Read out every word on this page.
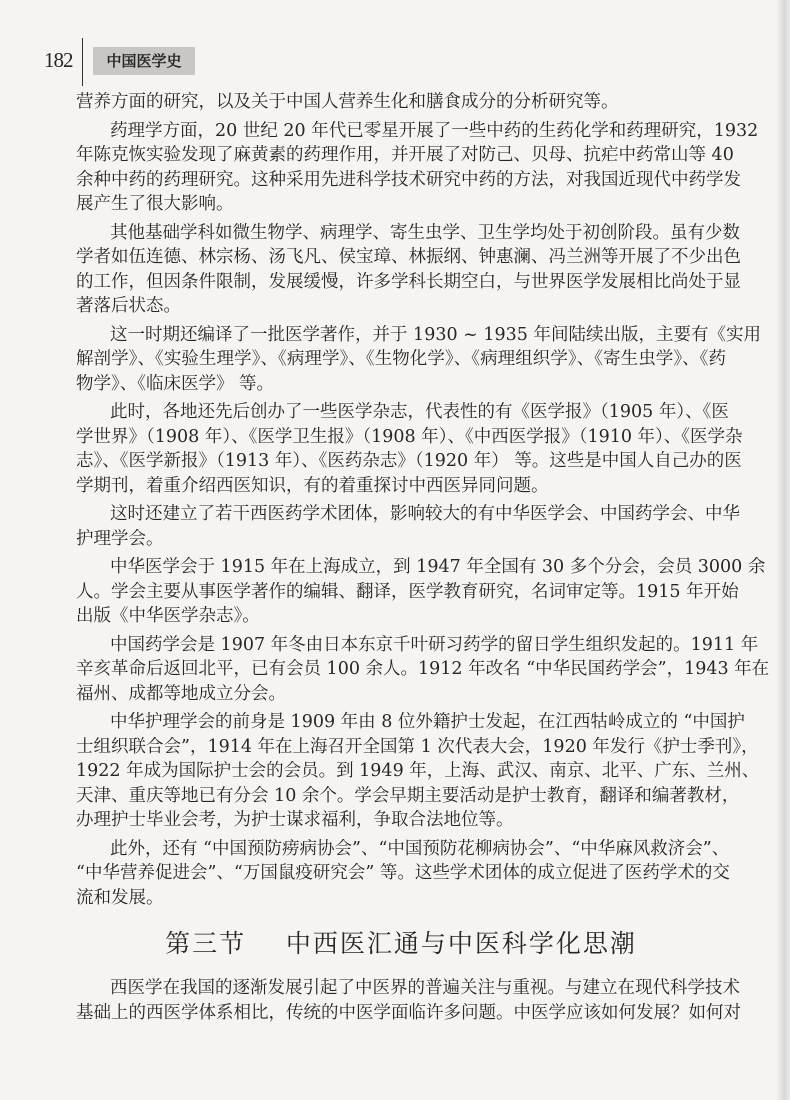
182	中国医学史
营养方面的研究，以及关于中国人营养生化和膳食成分的分析研究等。
药理学方面，20 世纪 20 年代已零星开展了一些中药的生药化学和药理研究，1932
年陈克恢实验发现了麻黄素的药理作用，并开展了对防己、贝母、抗疟中药常山等 40
余种中药的药理研究。这种采用先进科学技术研究中药的方法，对我国近现代中药学发
展产生了很大影响。
其他基础学科如微生物学、病理学、寄生虫学、卫生学均处于初创阶段。虽有少数
学者如伍连德、林宗杨、汤飞凡、侯宝璋、林振纲、钟惠澜、冯兰洲等开展了不少出色
的工作，但因条件限制，发展缓慢，许多学科长期空白，与世界医学发展相比尚处于显
著落后状态。
这一时期还编译了一批医学著作，并于 1930 ~ 1935 年间陆续出版，主要有《实用
解剖学》、《实验生理学》、《病理学》、《生物化学》、《病理组织学》、《寄生虫学》、《药
物学》、《临床医学》 等。
此时，各地还先后创办了一些医学杂志，代表性的有《医学报》（1905 年）、《医
学世界》（1908 年）、《医学卫生报》（1908 年）、《中西医学报》（1910 年）、《医学杂
志》、《医学新报》（1913 年）、《医药杂志》（1920 年） 等。这些是中国人自己办的医
学期刊，着重介绍西医知识，有的着重探讨中西医异同问题。
这时还建立了若干西医药学术团体，影响较大的有中华医学会、中国药学会、中华
护理学会。
中华医学会于 1915 年在上海成立，到 1947 年全国有 30 多个分会，会员 3000 余
人。学会主要从事医学著作的编辑、翻译，医学教育研究，名词审定等。1915 年开始
出版《中华医学杂志》。
中国药学会是 1907 年冬由日本东京千叶研习药学的留日学生组织发起的。1911 年
辛亥革命后返回北平，已有会员 100 余人。1912 年改名 “中华民国药学会”，1943 年在
福州、成都等地成立分会。
中华护理学会的前身是 1909 年由 8 位外籍护士发起，在江西牯岭成立的 “中国护
士组织联合会”，1914 年在上海召开全国第 1 次代表大会，1920 年发行《护士季刊》，
1922 年成为国际护士会的会员。到 1949 年，上海、武汉、南京、北平、广东、兰州、
天津、重庆等地已有分会 10 余个。学会早期主要活动是护士教育，翻译和编著教材，
办理护士毕业会考，为护士谋求福利，争取合法地位等。
此外，还有 “中国预防痨病协会”、“中国预防花柳病协会”、“中华麻风救济会”、
“中华营养促进会”、“万国鼠疫研究会” 等。这些学术团体的成立促进了医药学术的交
流和发展。
第三节    中西医汇通与中医科学化思潮
西医学在我国的逐渐发展引起了中医界的普遍关注与重视。与建立在现代科学技术
基础上的西医学体系相比，传统的中医学面临许多问题。中医学应该如何发展？如何对
